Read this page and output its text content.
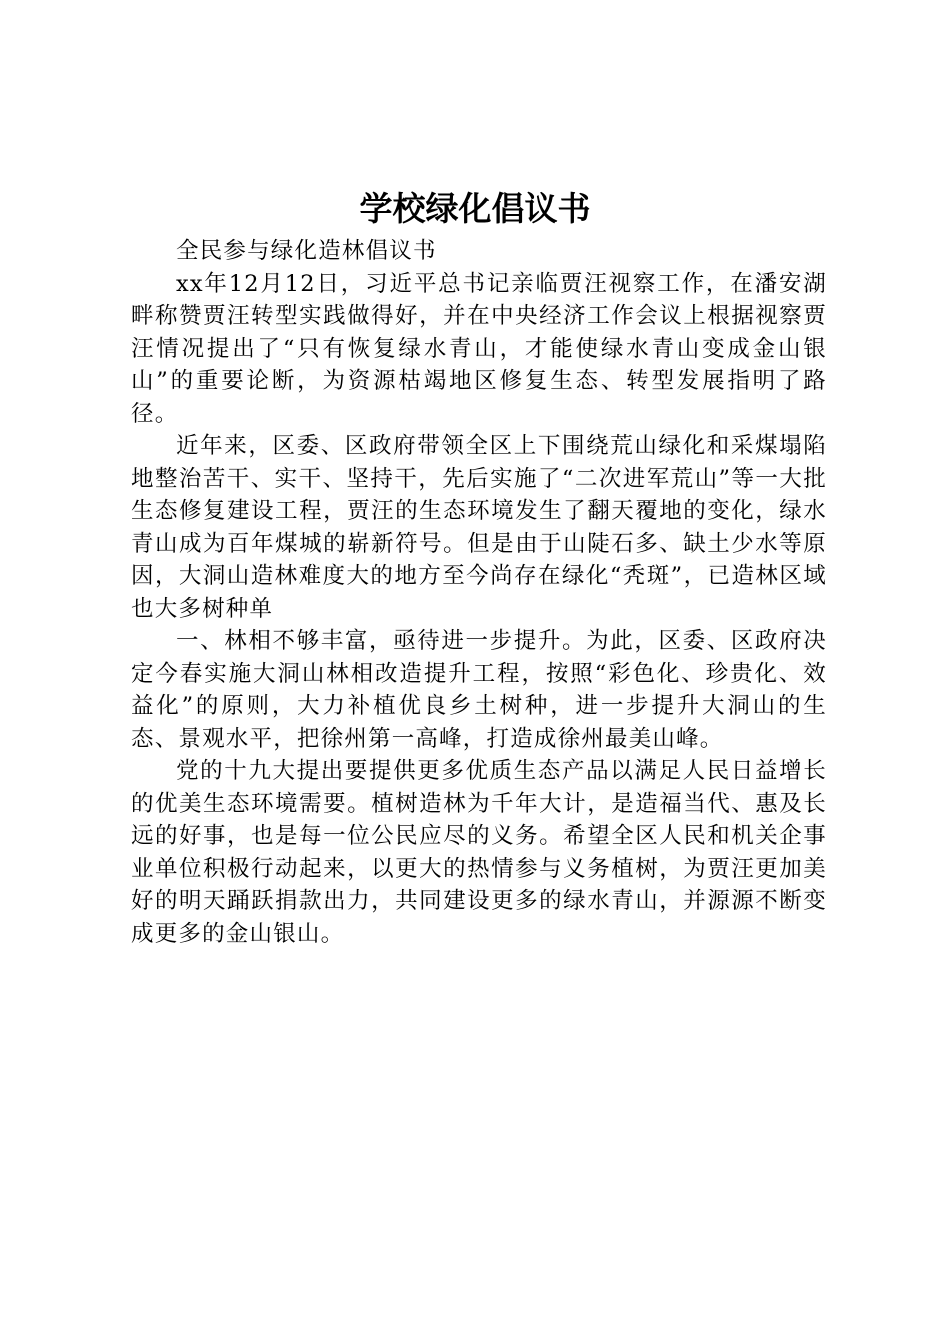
学校绿化倡议书

全民参与绿化造林倡议书

xx年12月12日，习近平总书记亲临贾汪视察工作，在潘安湖畔称赞贾汪转型实践做得好，并在中央经济工作会议上根据视察贾汪情况提出了“只有恢复绿水青山，才能使绿水青山变成金山银山”的重要论断，为资源枯竭地区修复生态、转型发展指明了路径。

近年来，区委、区政府带领全区上下围绕荒山绿化和采煤塌陷地整治苦干、实干、坚持干，先后实施了“二次进军荒山”等一大批生态修复建设工程，贾汪的生态环境发生了翻天覆地的变化，绿水青山成为百年煤城的崭新符号。但是由于山陡石多、缺土少水等原因，大洞山造林难度大的地方至今尚存在绿化“秃斑”，已造林区域也大多树种单

一、林相不够丰富，亟待进一步提升。为此，区委、区政府决定今春实施大洞山林相改造提升工程，按照“彩色化、珍贵化、效益化”的原则，大力补植优良乡土树种，进一步提升大洞山的生态、景观水平，把徐州第一高峰，打造成徐州最美山峰。

党的十九大提出要提供更多优质生态产品以满足人民日益增长的优美生态环境需要。植树造林为千年大计，是造福当代、惠及长远的好事，也是每一位公民应尽的义务。希望全区人民和机关企事业单位积极行动起来，以更大的热情参与义务植树，为贾汪更加美好的明天踊跃捐款出力，共同建设更多的绿水青山，并源源不断变成更多的金山银山。
